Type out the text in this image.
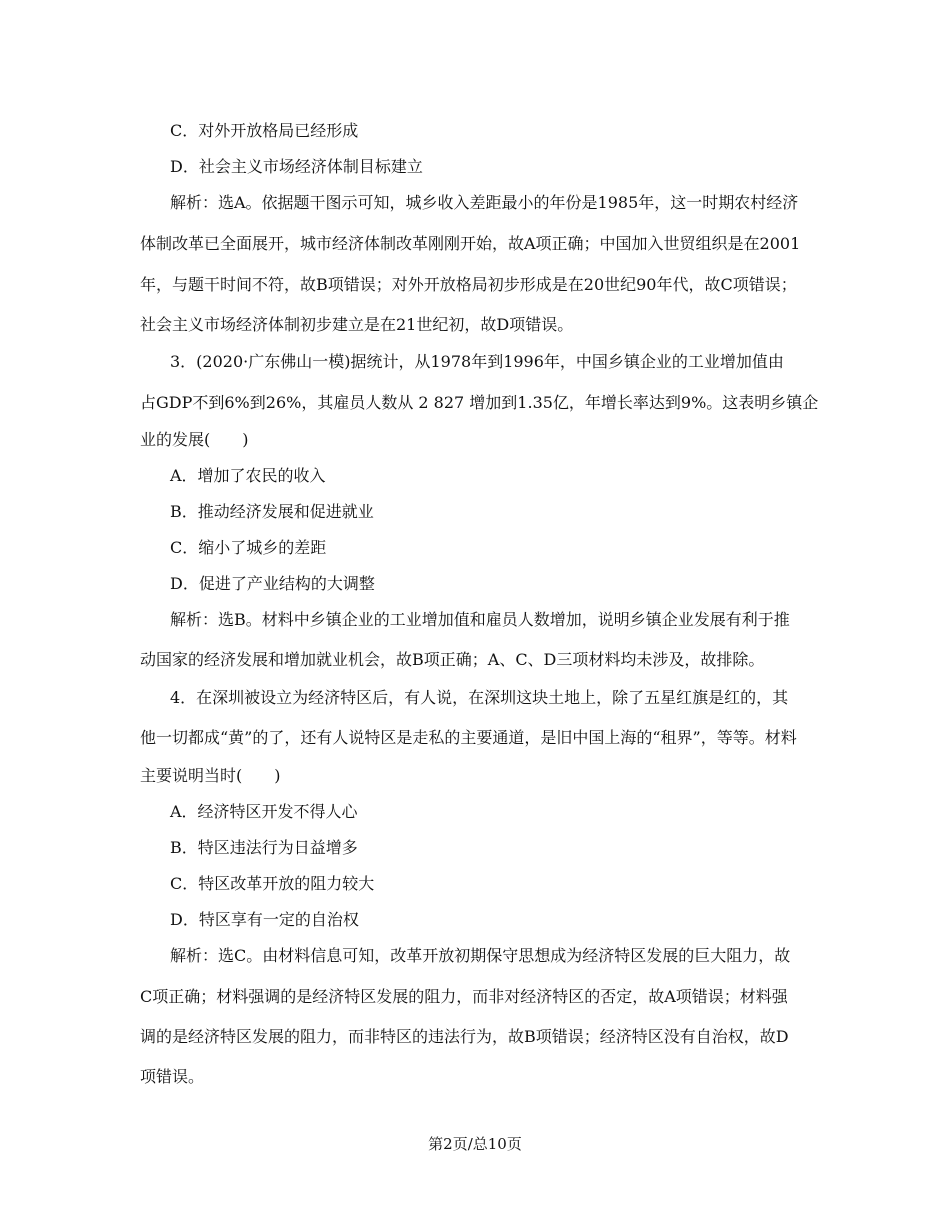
C．对外开放格局已经形成
D．社会主义市场经济体制目标建立
解析：选A。依据题干图示可知，城乡收入差距最小的年份是1985年，这一时期农村经济
体制改革已全面展开，城市经济体制改革刚刚开始，故A项正确；中国加入世贸组织是在2001
年，与题干时间不符，故B项错误；对外开放格局初步形成是在20世纪90年代，故C项错误；
社会主义市场经济体制初步建立是在21世纪初，故D项错误。
3．(2020·广东佛山一模)据统计，从1978年到1996年，中国乡镇企业的工业增加值由
占GDP不到6%到26%，其雇员人数从 2 827 增加到1.35亿，年增长率达到9%。这表明乡镇企
业的发展(　　)
A．增加了农民的收入
B．推动经济发展和促进就业
C．缩小了城乡的差距
D．促进了产业结构的大调整
解析：选B。材料中乡镇企业的工业增加值和雇员人数增加，说明乡镇企业发展有利于推
动国家的经济发展和增加就业机会，故B项正确；A、C、D三项材料均未涉及，故排除。
4．在深圳被设立为经济特区后，有人说，在深圳这块土地上，除了五星红旗是红的，其
他一切都成“黄”的了，还有人说特区是走私的主要通道，是旧中国上海的“租界”，等等。材料
主要说明当时(　　)
A．经济特区开发不得人心
B．特区违法行为日益增多
C．特区改革开放的阻力较大
D．特区享有一定的自治权
解析：选C。由材料信息可知，改革开放初期保守思想成为经济特区发展的巨大阻力，故
C项正确；材料强调的是经济特区发展的阻力，而非对经济特区的否定，故A项错误；材料强
调的是经济特区发展的阻力，而非特区的违法行为，故B项错误；经济特区没有自治权，故D
项错误。
第2页/总10页
